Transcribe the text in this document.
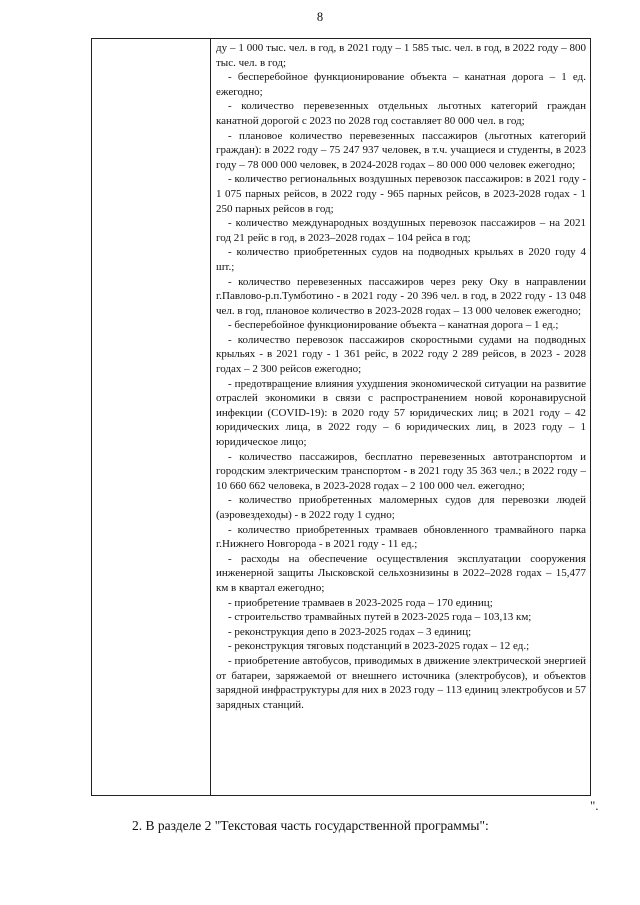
8

ду – 1 000 тыс. чел. в год, в 2021 году – 1 585 тыс. чел. в год, в 2022 году – 800 тыс. чел. в год;

- бесперебойное функционирование объекта – канатная дорога – 1 ед. ежегодно;

- количество перевезенных отдельных льготных категорий граждан канатной дорогой с 2023 по 2028 год составляет 80 000 чел. в год;

- плановое количество перевезенных пассажиров (льготных категорий граждан): в 2022 году – 75 247 937 человек, в т.ч. учащиеся и студенты, в 2023 году – 78 000 000 человек, в 2024-2028 годах – 80 000 000 человек ежегодно;

- количество региональных воздушных перевозок пассажиров: в 2021 году - 1 075 парных рейсов, в 2022 году - 965 парных рейсов, в 2023-2028 годах - 1 250 парных рейсов в год;

- количество международных воздушных перевозок пассажиров – на 2021 год 21 рейс в год, в 2023–2028 годах – 104 рейса в год;

- количество приобретенных судов на подводных крыльях в 2020 году 4 шт.;

- количество перевезенных пассажиров через реку Оку в направлении г.Павлово-р.п.Тумботино - в 2021 году - 20 396 чел. в год, в 2022 году - 13 048 чел. в год, плановое количество в 2023-2028 годах – 13 000 человек ежегодно;

- бесперебойное функционирование объекта – канатная дорога – 1 ед.;

- количество перевозок пассажиров скоростными судами на подводных крыльях - в 2021 году - 1 361 рейс, в 2022 году 2 289 рейсов, в 2023 - 2028 годах – 2 300 рейсов ежегодно;

- предотвращение влияния ухудшения экономической ситуации на развитие отраслей экономики в связи с распространением новой коронавирусной инфекции (COVID-19): в 2020 году 57 юридических лиц; в 2021 году – 42 юридических лица, в 2022 году – 6 юридических лиц, в 2023 году – 1 юридическое лицо;

- количество пассажиров, бесплатно перевезенных автотранспортом и городским электрическим транспортом - в 2021 году 35 363 чел.; в 2022 году – 10 660 662 человека, в 2023-2028 годах – 2 100 000 чел. ежегодно;

- количество приобретенных маломерных судов для перевозки людей (аэровездеходы) - в 2022 году 1 судно;

- количество приобретенных трамваев обновленного трамвайного парка г.Нижнего Новгорода - в 2021 году - 11 ед.;

- расходы на обеспечение осуществления эксплуатации сооружения инженерной защиты Лысковской сельхознизины в 2022–2028 годах – 15,477 км в квартал ежегодно;

- приобретение трамваев в 2023-2025 года – 170 единиц;

- строительство трамвайных путей в 2023-2025 года – 103,13 км;

- реконструкция депо в 2023-2025 годах – 3 единиц;

- реконструкция тяговых подстанций в 2023-2025 годах – 12 ед.;

- приобретение автобусов, приводимых в движение электрической энергией от батареи, заряжаемой от внешнего источника (электробусов), и объектов зарядной инфраструктуры для них в 2023 году – 113 единиц электробусов и 57 зарядных станций.

".
2. В разделе 2 "Текстовая часть государственной программы":
